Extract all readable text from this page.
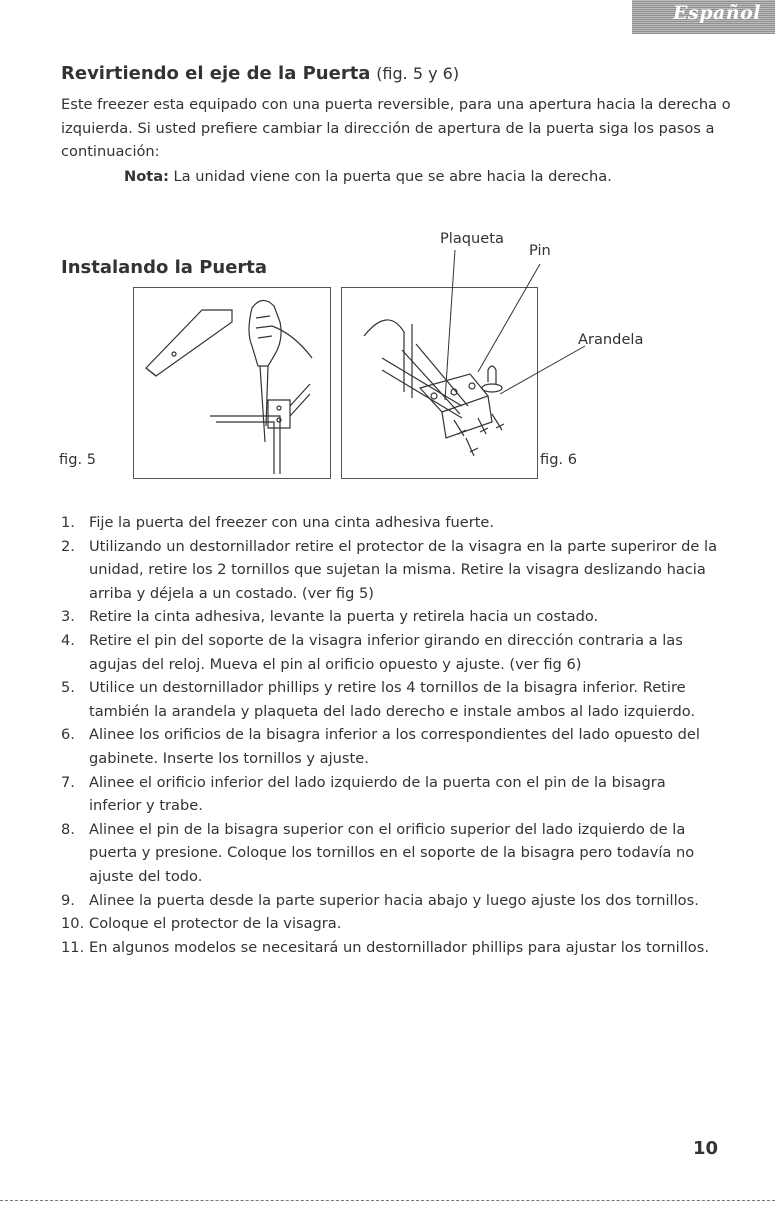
Español
Revirtiendo el eje de la Puerta (fig. 5 y 6)
Este freezer esta equipado con una puerta reversible, para una apertura hacia la derecha o izquierda. Si usted prefiere cambiar la dirección de apertura de la puerta siga los pasos a continuación:
Nota: La unidad viene con la puerta que se abre hacia la derecha.
Instalando la Puerta
fig. 5	fig. 6
Plaqueta
Pin
Arandela
1. Fije la puerta del freezer con una cinta adhesiva fuerte.
2. Utilizando un destornillador retire el protector de la visagra en la parte superiror de la unidad, retire los 2 tornillos que sujetan la misma. Retire la visagra deslizando hacia arriba y déjela a un costado. (ver fig 5)
3. Retire la cinta adhesiva, levante la puerta y retirela hacia un costado.
4. Retire el pin del soporte de la visagra inferior girando en dirección contraria a las agujas del reloj. Mueva el pin al orificio opuesto y ajuste. (ver fig 6)
5. Utilice un destornillador phillips y retire los 4 tornillos de la bisagra inferior. Retire también la arandela y plaqueta del lado derecho e instale ambos al lado izquierdo.
6. Alinee los orificios de la bisagra inferior a los correspondientes del lado opuesto del gabinete. Inserte los tornillos y ajuste.
7. Alinee el orificio inferior del lado izquierdo de la puerta con el pin de la bisagra inferior y trabe.
8. Alinee el pin de la bisagra superior con el orificio superior del lado izquierdo de la puerta y presione. Coloque los tornillos en el soporte de la bisagra pero todavía no ajuste del todo.
9. Alinee la puerta desde la parte superior hacia abajo y luego ajuste los dos tornillos.
10. Coloque el protector de la visagra.
11. En algunos modelos se necesitará un destornillador phillips para ajustar los tornillos.
10
